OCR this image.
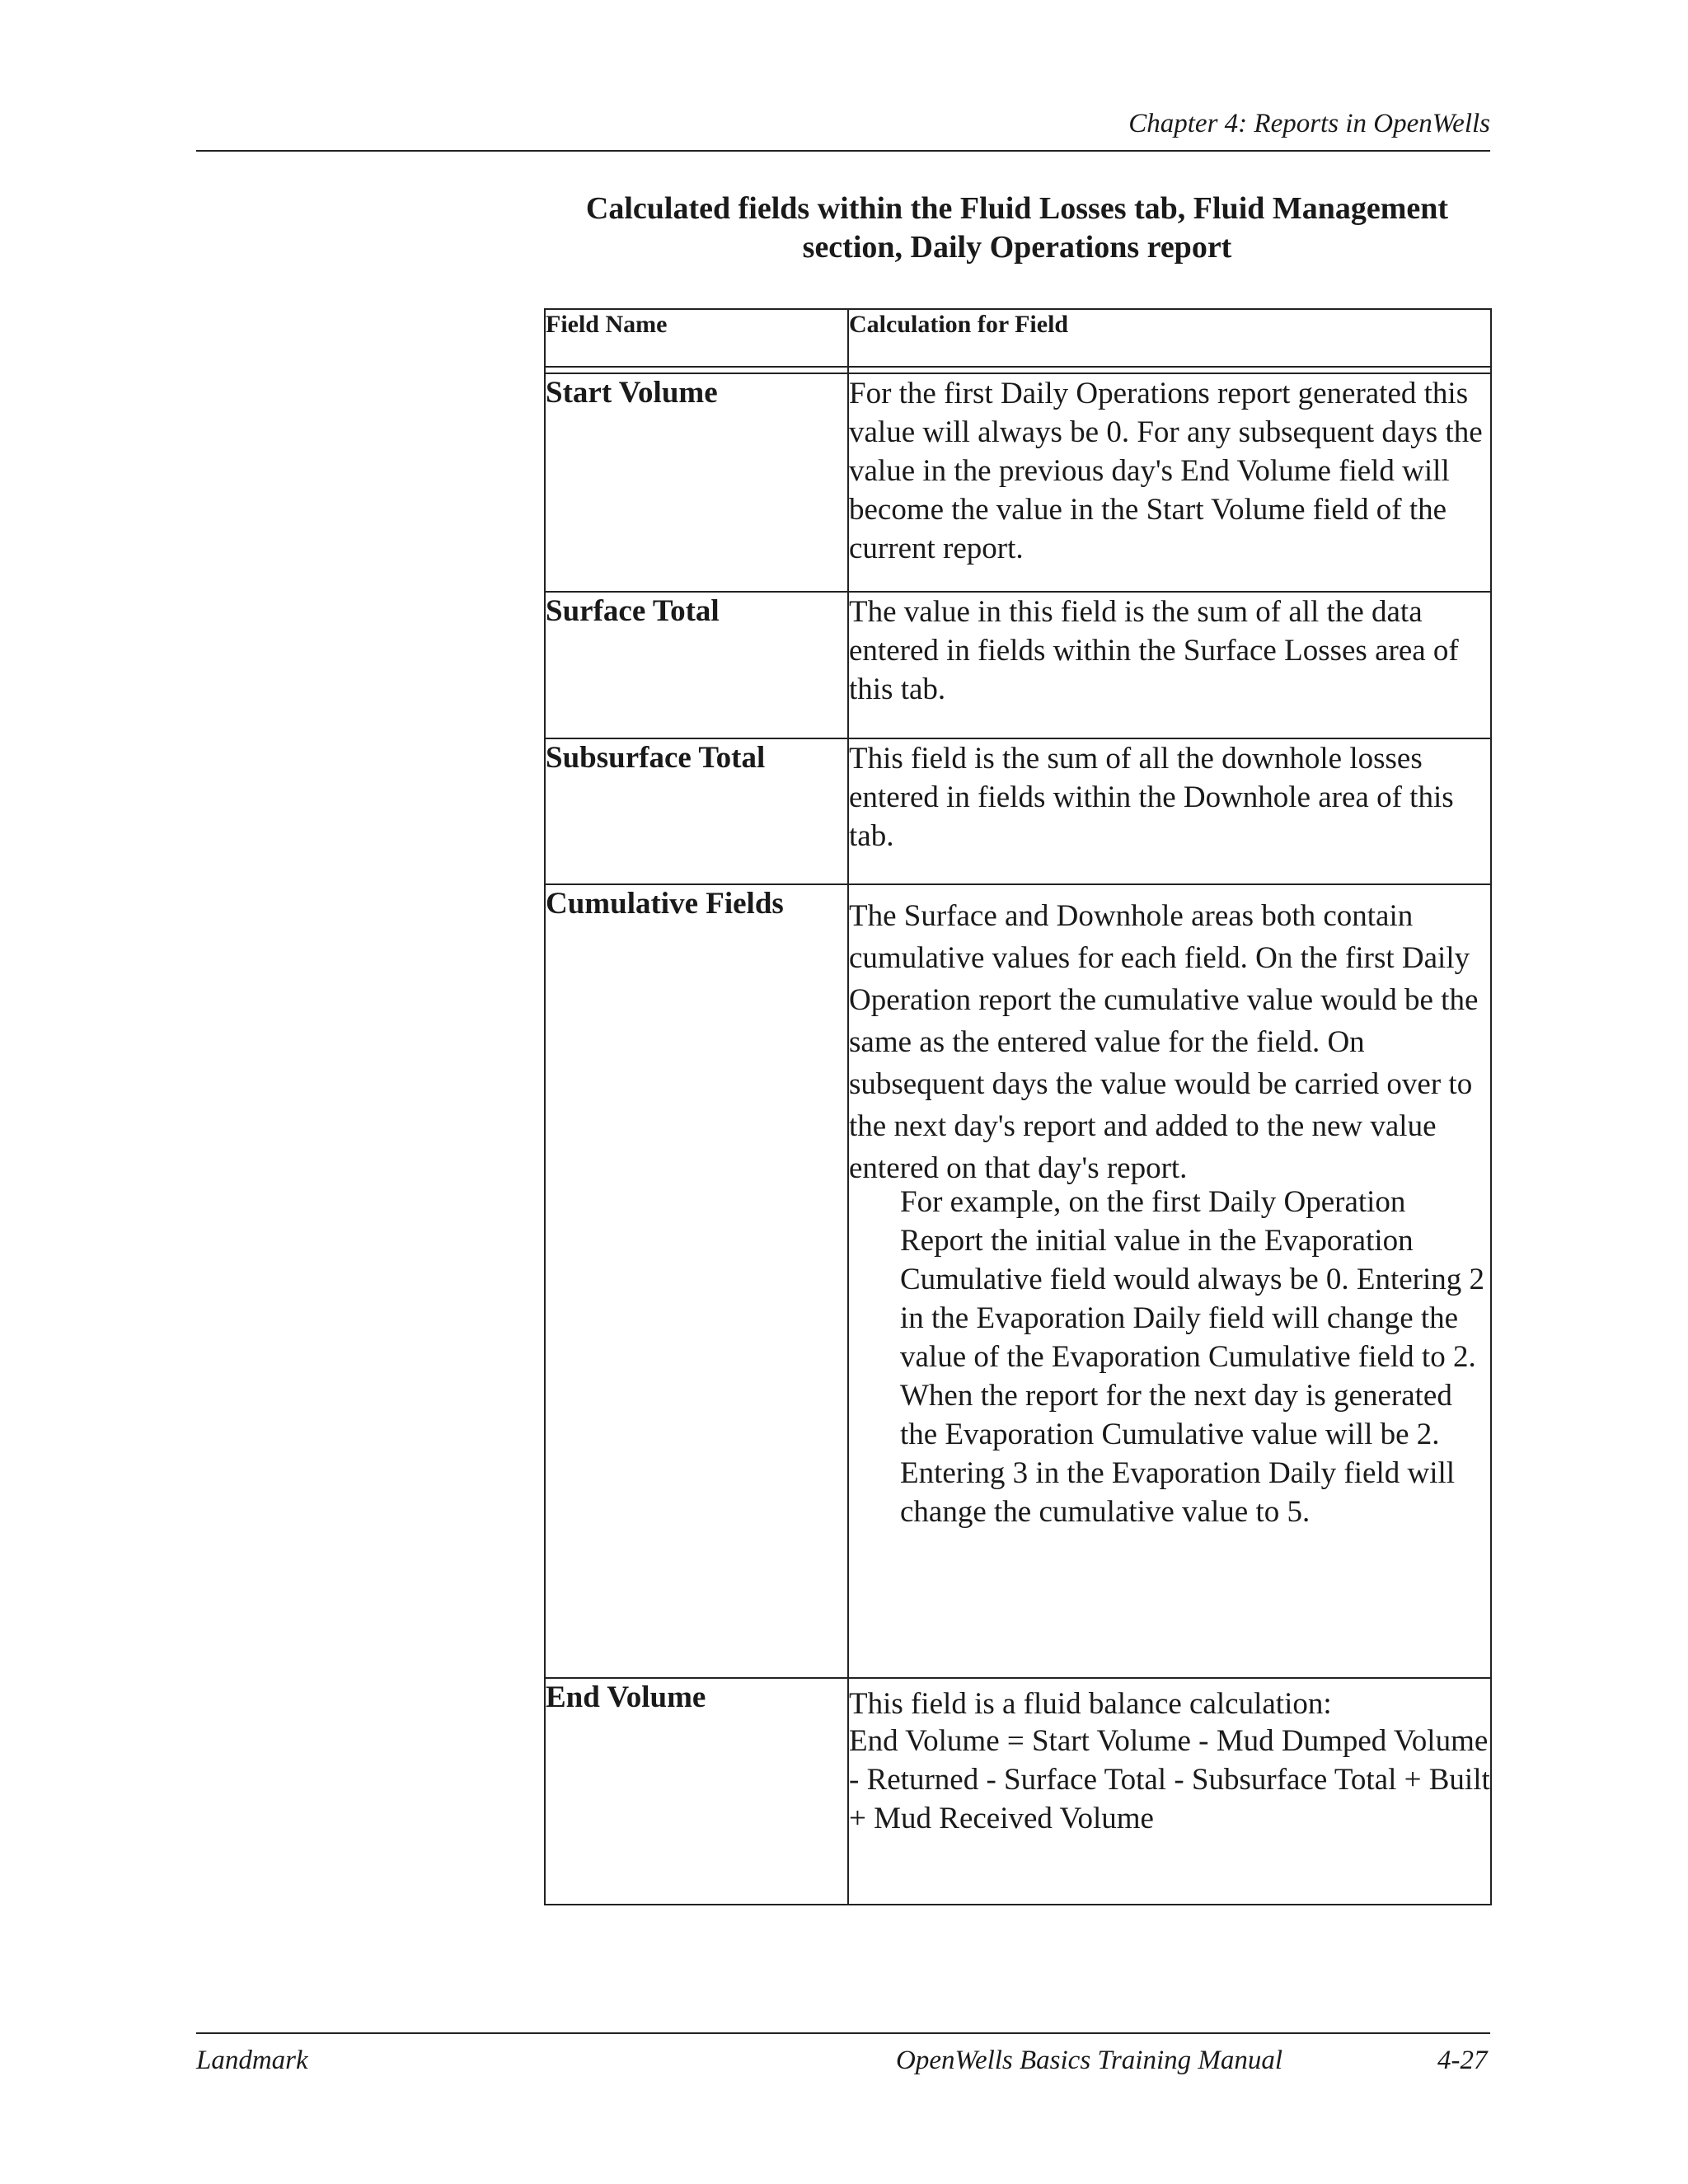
Chapter 4: Reports in OpenWells
Calculated fields within the Fluid Losses tab, Fluid Management
section, Daily Operations report
Field Name	Calculation for Field

Start Volume	For the first Daily Operations report generated this value will always be 0. For any subsequent days the value in the previous day's End Volume field will become the value in the Start Volume field of the current report.
Surface Total	The value in this field is the sum of all the data entered in fields within the Surface Losses area of this tab.
Subsurface Total	This field is the sum of all the downhole losses entered in fields within the Downhole area of this tab.
Cumulative Fields	The Surface and Downhole areas both contain cumulative values for each field. On the first Daily Operation report the cumulative value would be the same as the entered value for the field. On subsequent days the value would be carried over to the next day's report and added to the new value entered on that day's report.
For example, on the first Daily Operation Report the initial value in the Evaporation Cumulative field would always be 0. Entering 2 in the Evaporation Daily field will change the value of the Evaporation Cumulative field to 2. When the report for the next day is generated the Evaporation Cumulative value will be 2. Entering 3 in the Evaporation Daily field will change the cumulative value to 5.

End Volume	This field is a fluid balance calculation:
End Volume = Start Volume - Mud Dumped Volume - Returned - Surface Total - Subsurface Total + Built + Mud Received Volume
Landmark	OpenWells Basics Training Manual	4-27
